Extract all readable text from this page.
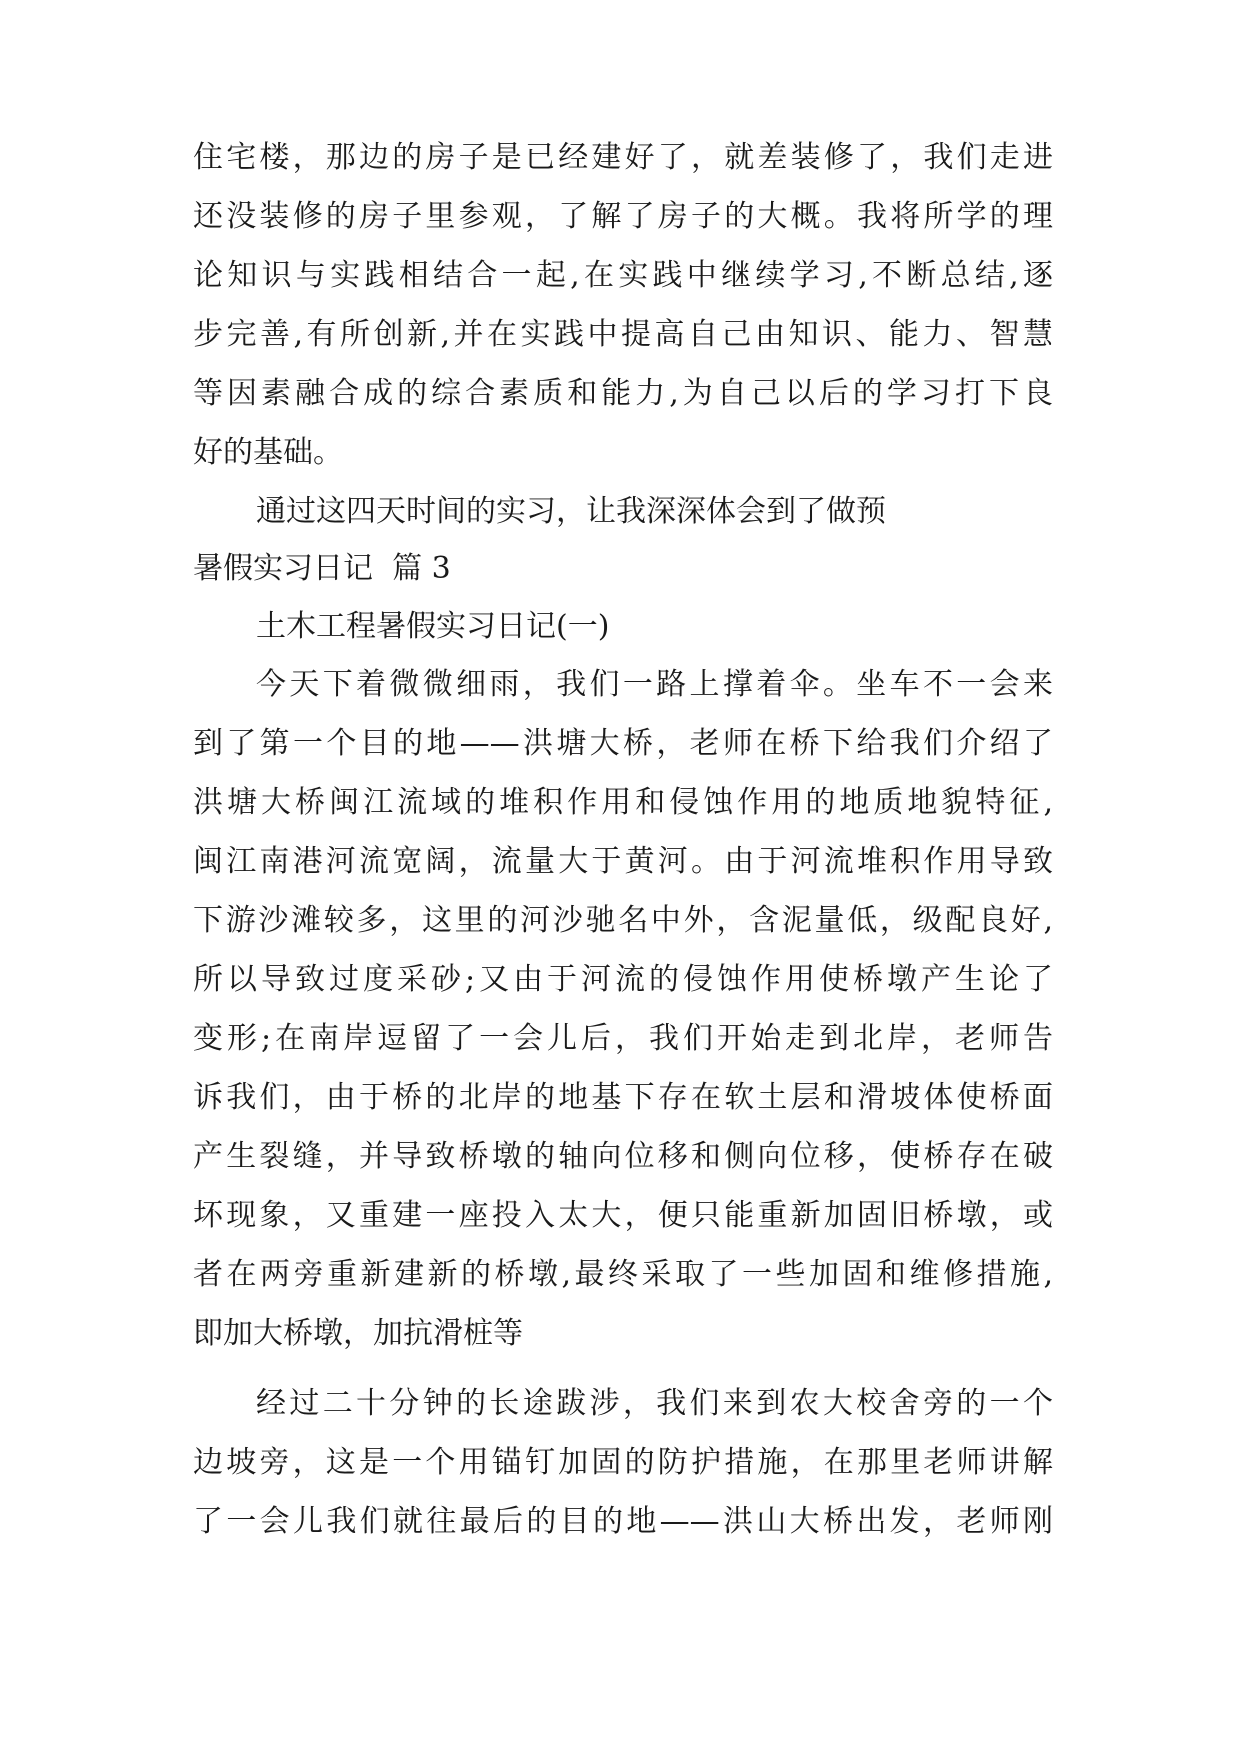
住宅楼，那边的房子是已经建好了，就差装修了，我们走进
还没装修的房子里参观，了解了房子的大概。我将所学的理
论知识与实践相结合一起,在实践中继续学习,不断总结,逐
步完善,有所创新,并在实践中提高自己由知识、能力、智慧
等因素融合成的综合素质和能力,为自己以后的学习打下良
好的基础。
通过这四天时间的实习，让我深深体会到了做预
暑假实习日记  篇 3
土木工程暑假实习日记(一)
今天下着微微细雨，我们一路上撑着伞。坐车不一会来
到了第一个目的地——洪塘大桥，老师在桥下给我们介绍了
洪塘大桥闽江流域的堆积作用和侵蚀作用的地质地貌特征,
闽江南港河流宽阔，流量大于黄河。由于河流堆积作用导致
下游沙滩较多，这里的河沙驰名中外，含泥量低，级配良好,
所以导致过度采砂;又由于河流的侵蚀作用使桥墩产生论了
变形;在南岸逗留了一会儿后，我们开始走到北岸，老师告
诉我们，由于桥的北岸的地基下存在软土层和滑坡体使桥面
产生裂缝，并导致桥墩的轴向位移和侧向位移，使桥存在破
坏现象，又重建一座投入太大，便只能重新加固旧桥墩，或
者在两旁重新建新的桥墩,最终采取了一些加固和维修措施,
即加大桥墩，加抗滑桩等
经过二十分钟的长途跋涉，我们来到农大校舍旁的一个
边坡旁，这是一个用锚钉加固的防护措施，在那里老师讲解
了一会儿我们就往最后的目的地——洪山大桥出发，老师刚
